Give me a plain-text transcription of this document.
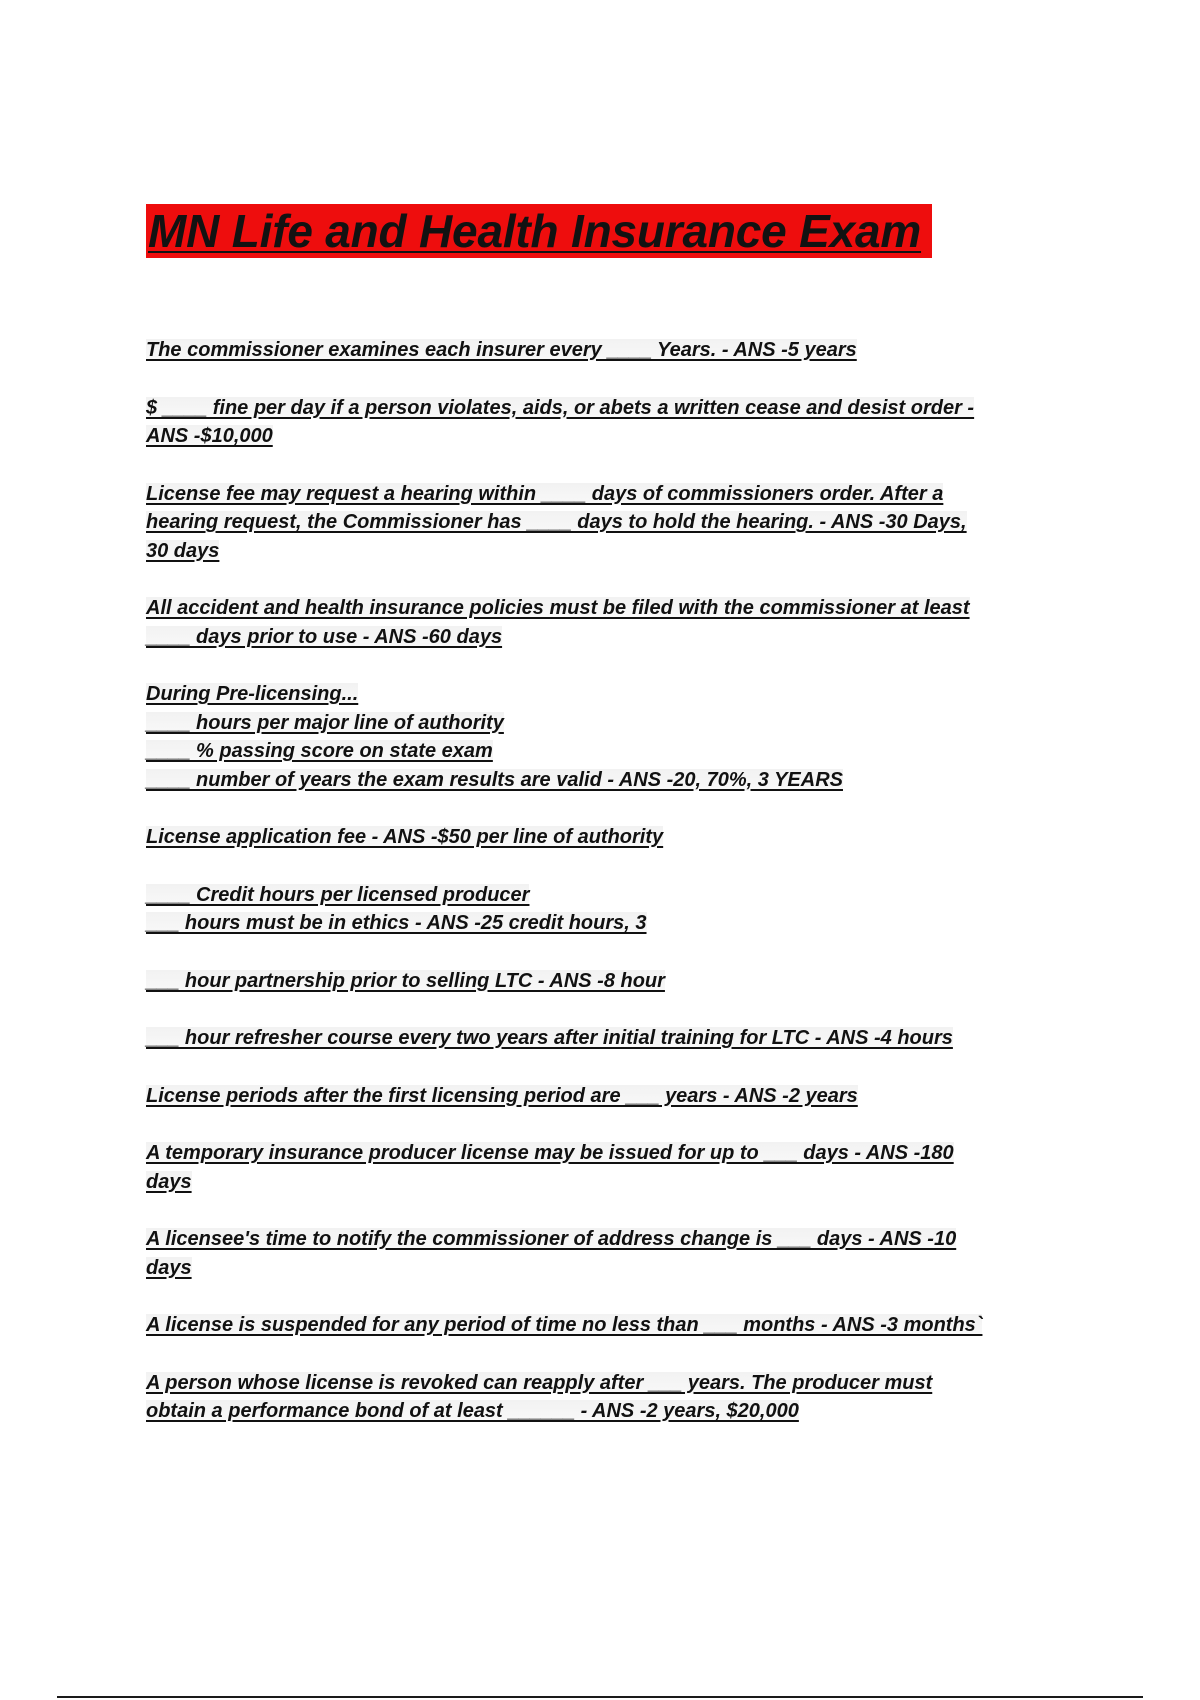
MN Life and Health Insurance Exam
The commissioner examines each insurer every ____ Years. - ANS -5 years
$ ____ fine per day if a person violates, aids, or abets a written cease and desist order -
ANS -$10,000
License fee may request a hearing within ____ days of commissioners order. After a
hearing request, the Commissioner has ____ days to hold the hearing. - ANS -30 Days,
30 days
All accident and health insurance policies must be filed with the commissioner at least
____ days prior to use - ANS -60 days
During Pre-licensing...
____ hours per major line of authority
____ % passing score on state exam
____ number of years the exam results are valid - ANS -20, 70%, 3 YEARS
License application fee - ANS -$50 per line of authority
____ Credit hours per licensed producer
___ hours must be in ethics - ANS -25 credit hours, 3
___ hour partnership prior to selling LTC - ANS -8 hour
___ hour refresher course every two years after initial training for LTC - ANS -4 hours
License periods after the first licensing period are ___ years - ANS -2 years
A temporary insurance producer license may be issued for up to ___ days - ANS -180
days
A licensee's time to notify the commissioner of address change is ___ days - ANS -10
days
A license is suspended for any period of time no less than ___ months - ANS -3 months`
A person whose license is revoked can reapply after ___ years. The producer must
obtain a performance bond of at least ______ - ANS -2 years, $20,000
